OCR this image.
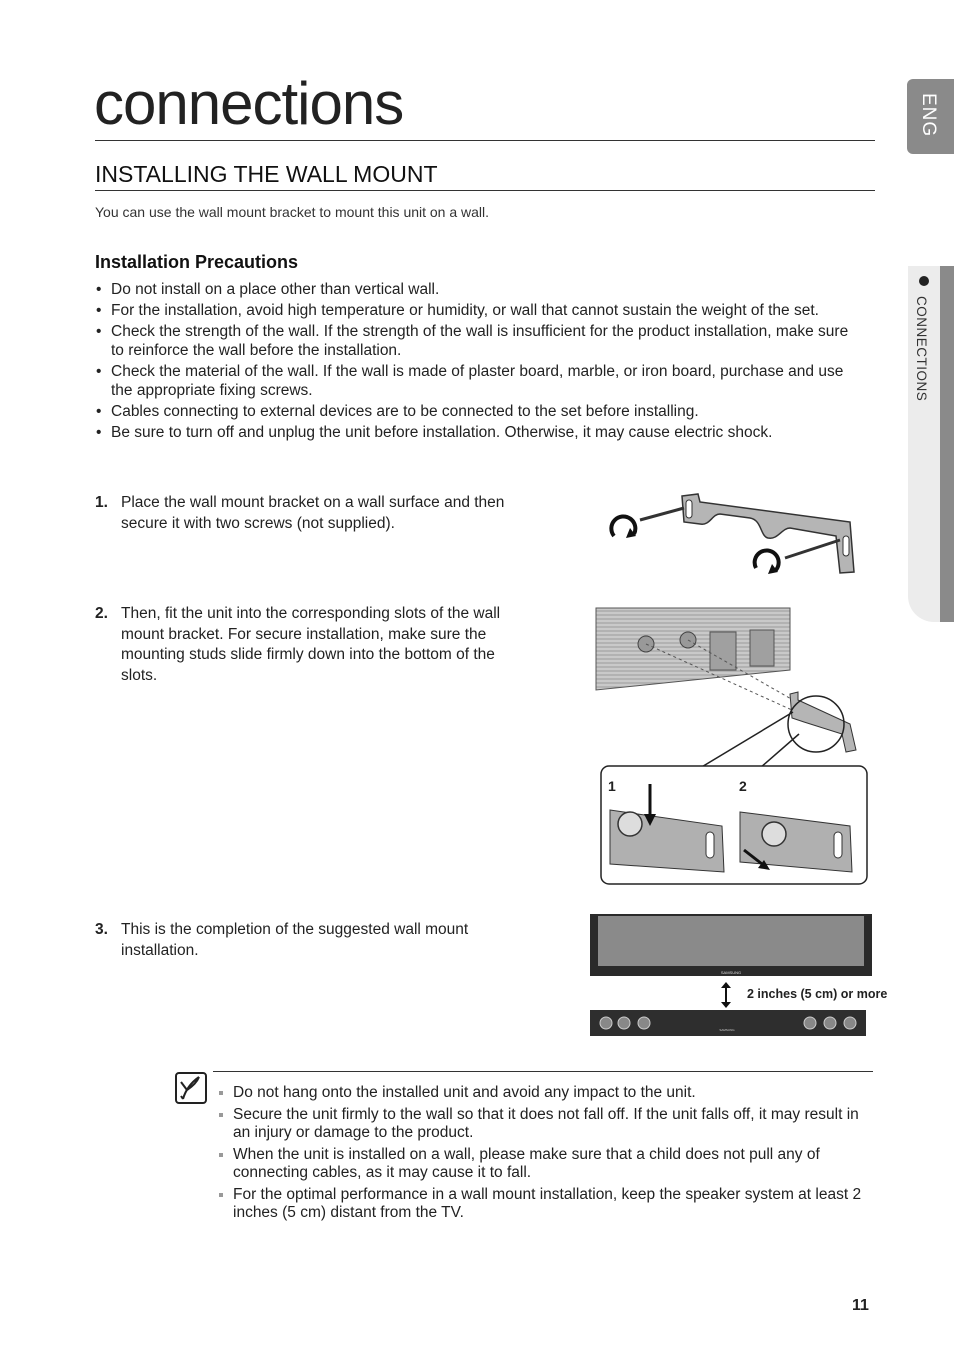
connections	ENG
CONNECTIONS
INSTALLING THE WALL MOUNT
You can use the wall mount bracket to mount this unit on a wall.
Installation Precautions
• Do not install on a place other than vertical wall.
• For the installation, avoid high temperature or humidity, or wall that cannot sustain the weight of the set.
• Check the strength of the wall. If the strength of the wall is insufficient for the product installation, make sure to reinforce the wall before the installation.
• Check the material of the wall. If the wall is made of plaster board, marble, or iron board, purchase and use the appropriate fixing screws.
• Cables connecting to external devices are to be connected to the set before installing.
• Be sure to turn off and unplug the unit before installation. Otherwise, it may cause electric shock.
1. Place the wall mount bracket on a wall surface and then secure it with two screws (not supplied).
2. Then, fit the unit into the corresponding slots of the wall mount bracket. For secure installation, make sure the mounting studs slide firmly down into the bottom of the slots.
1	2
3. This is the completion of the suggested wall mount installation.
SAMSUNG
SAMSUNG
2 inches (5 cm) or more
Do not hang onto the installed unit and avoid any impact to the unit.
Secure the unit firmly to the wall so that it does not fall off. If the unit falls off, it may result in an injury or damage to the product.
When the unit is installed on a wall, please make sure that a child does not pull any of connecting cables, as it may cause it to fall.
For the optimal performance in a wall mount installation, keep the speaker system at least 2 inches (5 cm) distant from the TV.
11
